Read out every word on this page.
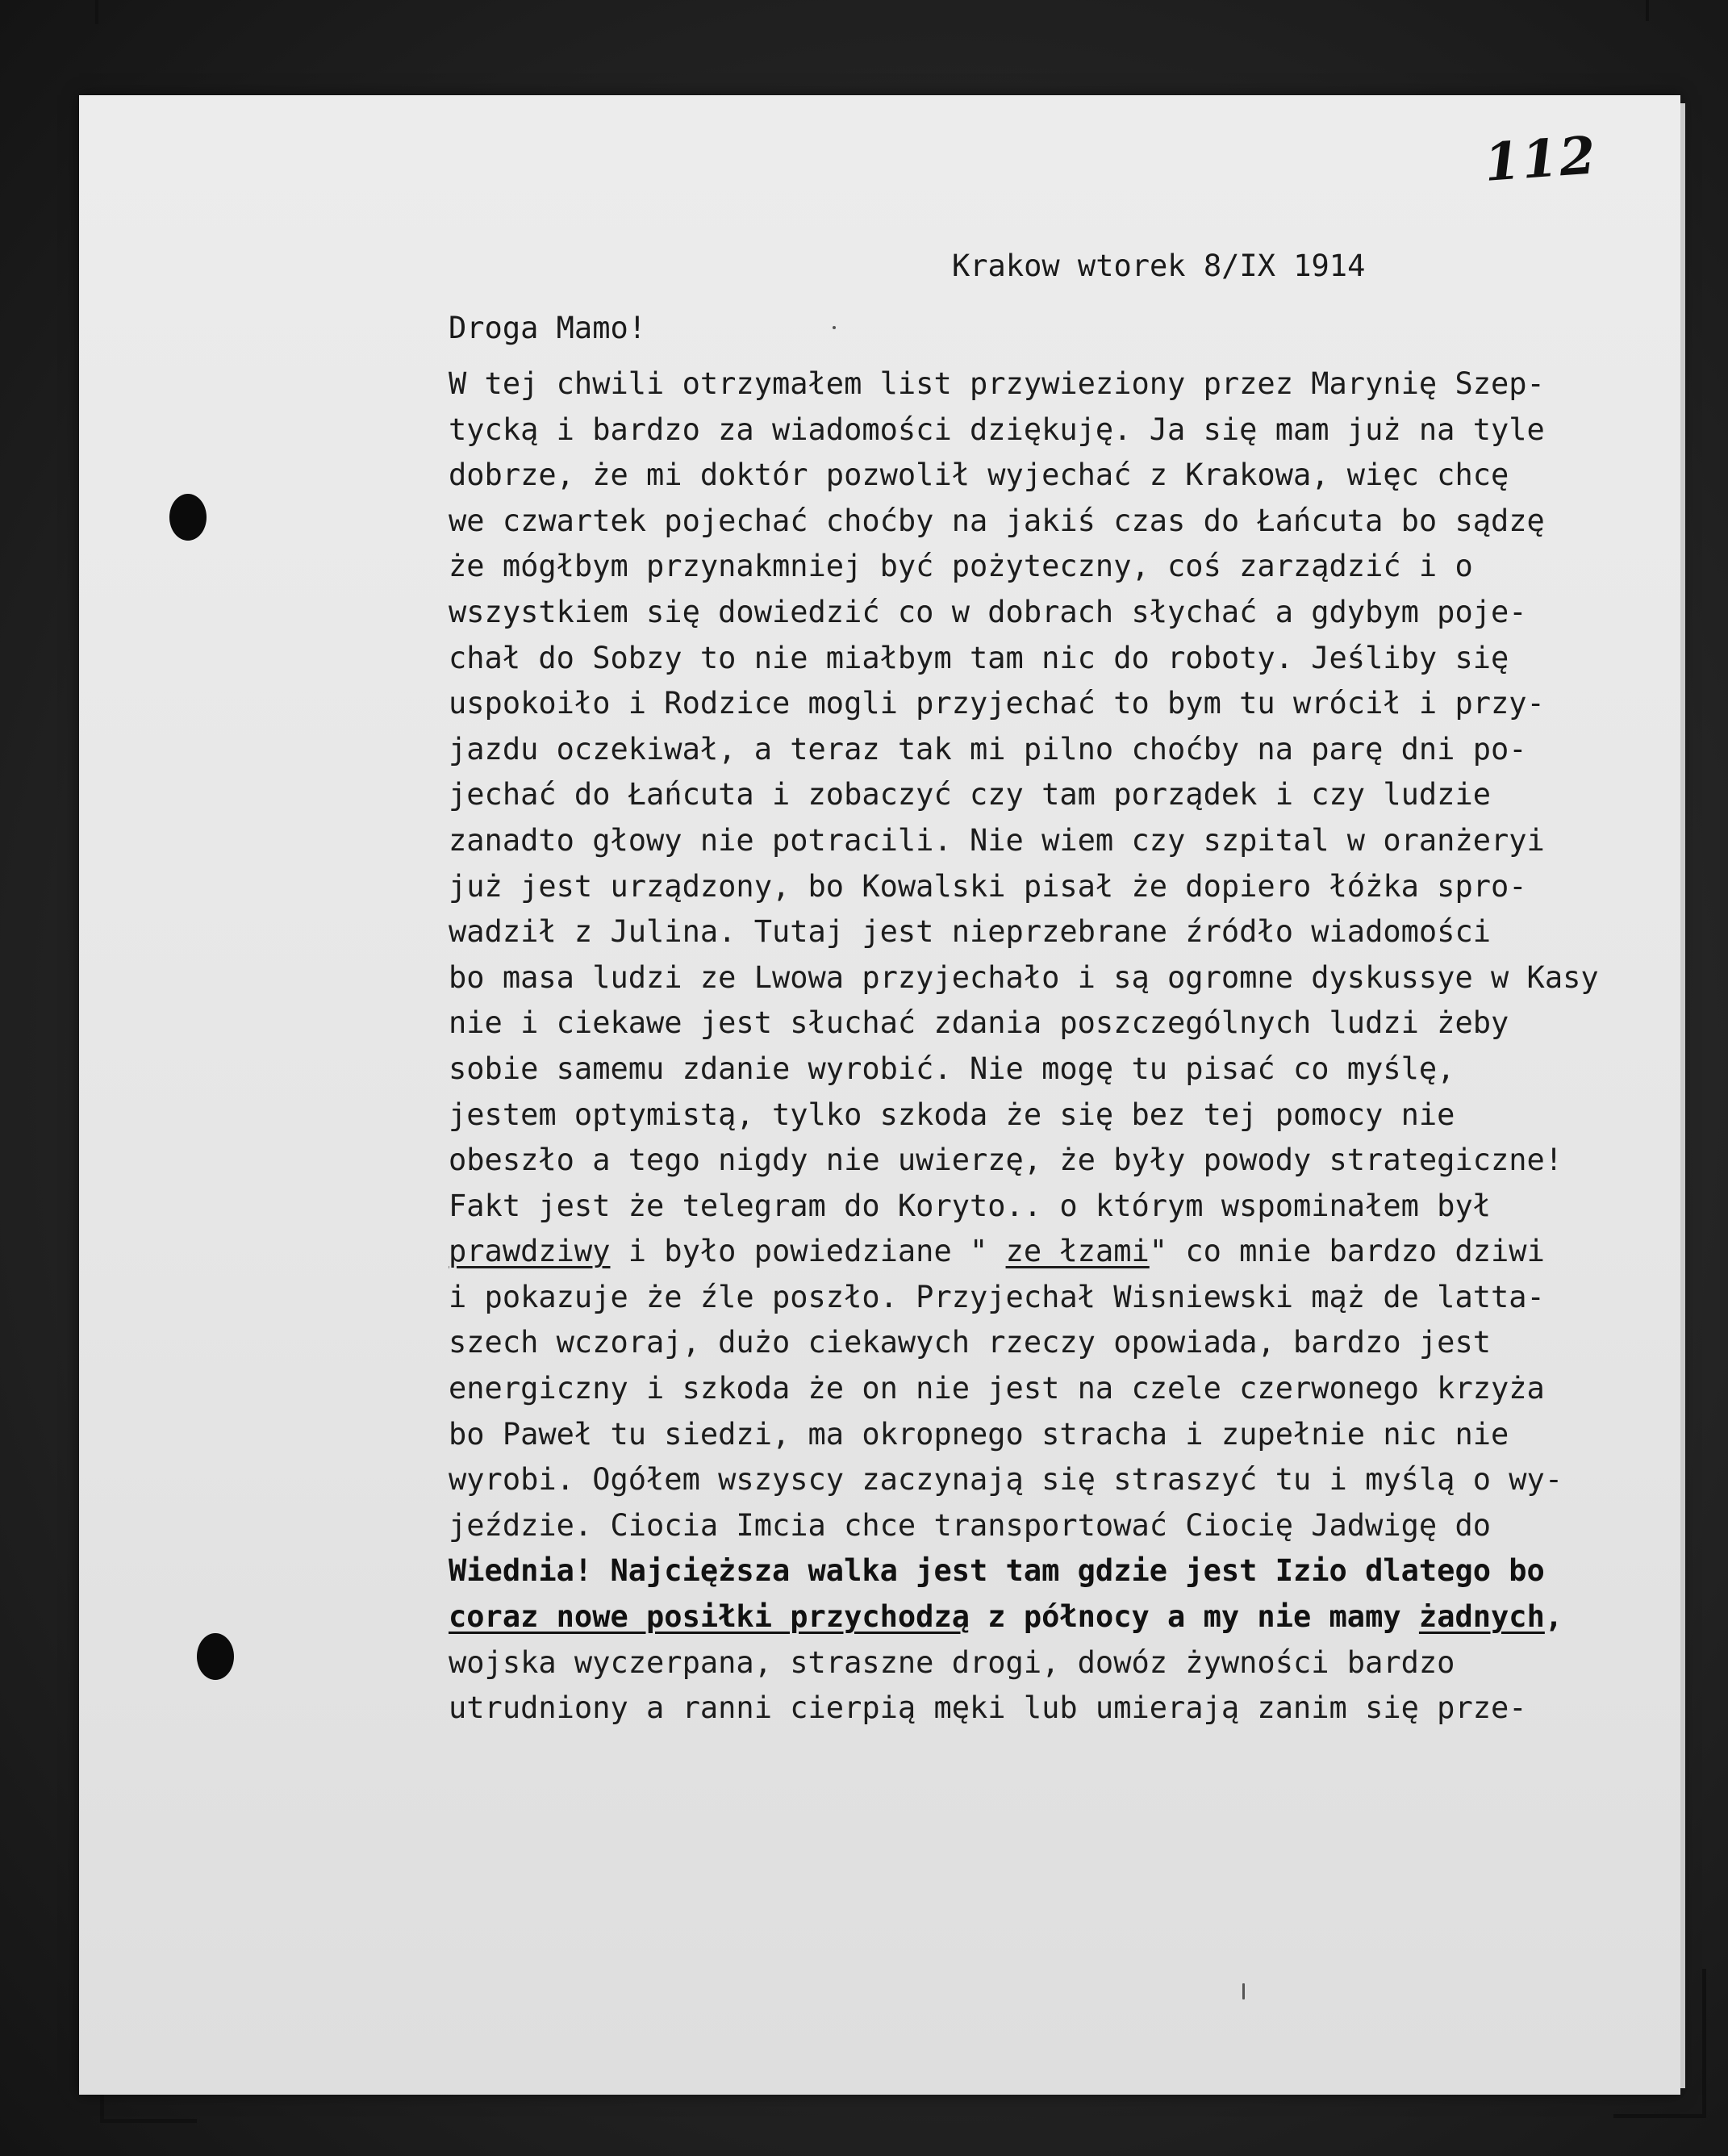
112
Krakow wtorek 8/IX 1914
Droga Mamo!
W tej chwili otrzymałem list przywieziony przez Marynię Szep-
tycką i bardzo za wiadomości dziękuję. Ja się mam już na tyle
dobrze, że mi doktór pozwolił wyjechać z Krakowa, więc chcę
we czwartek pojechać choćby na jakiś czas do Łańcuta bo sądzę
że mógłbym przynakmniej być pożyteczny, coś zarządzić i o
wszystkiem się dowiedzić co w dobrach słychać a gdybym poje-
chał do Sobzy to nie miałbym tam nic do roboty. Jeśliby się
uspokoiło i Rodzice mogli przyjechać to bym tu wrócił i przy-
jazdu oczekiwał, a teraz tak mi pilno choćby na parę dni po-
jechać do Łańcuta i zobaczyć czy tam porządek i czy ludzie
zanadto głowy nie potracili. Nie wiem czy szpital w oranżeryi
już jest urządzony, bo Kowalski pisał że dopiero łóżka spro-
wadził z Julina. Tutaj jest nieprzebrane źródło wiadomości
bo masa ludzi ze Lwowa przyjechało i są ogromne dyskussye w Kasy
nie i ciekawe jest słuchać zdania poszczególnych ludzi żeby
sobie samemu zdanie wyrobić. Nie mogę tu pisać co myślę,
jestem optymistą, tylko szkoda że się bez tej pomocy nie
obeszło a tego nigdy nie uwierzę, że były powody strategiczne!
Fakt jest że telegram do Koryto.. o którym wspominałem był
prawdziwy i było powiedziane " ze łzami" co mnie bardzo dziwi
i pokazuje że źle poszło. Przyjechał Wisniewski mąż de latta-
szech wczoraj, dużo ciekawych rzeczy opowiada, bardzo jest
energiczny i szkoda że on nie jest na czele czerwonego krzyża
bo Paweł tu siedzi, ma okropnego stracha i zupełnie nic nie
wyrobi. Ogółem wszyscy zaczynają się straszyć tu i myślą o wy-
jeździe. Ciocia Imcia chce transportować Ciocię Jadwigę do
Wiednia! Najcięższa walka jest tam gdzie jest Izio dlatego bo
coraz nowe posiłki przychodzą z północy a my nie mamy żadnych,
wojska wyczerpana, straszne drogi, dowóz żywności bardzo
utrudniony a ranni cierpią męki lub umierają zanim się prze-
